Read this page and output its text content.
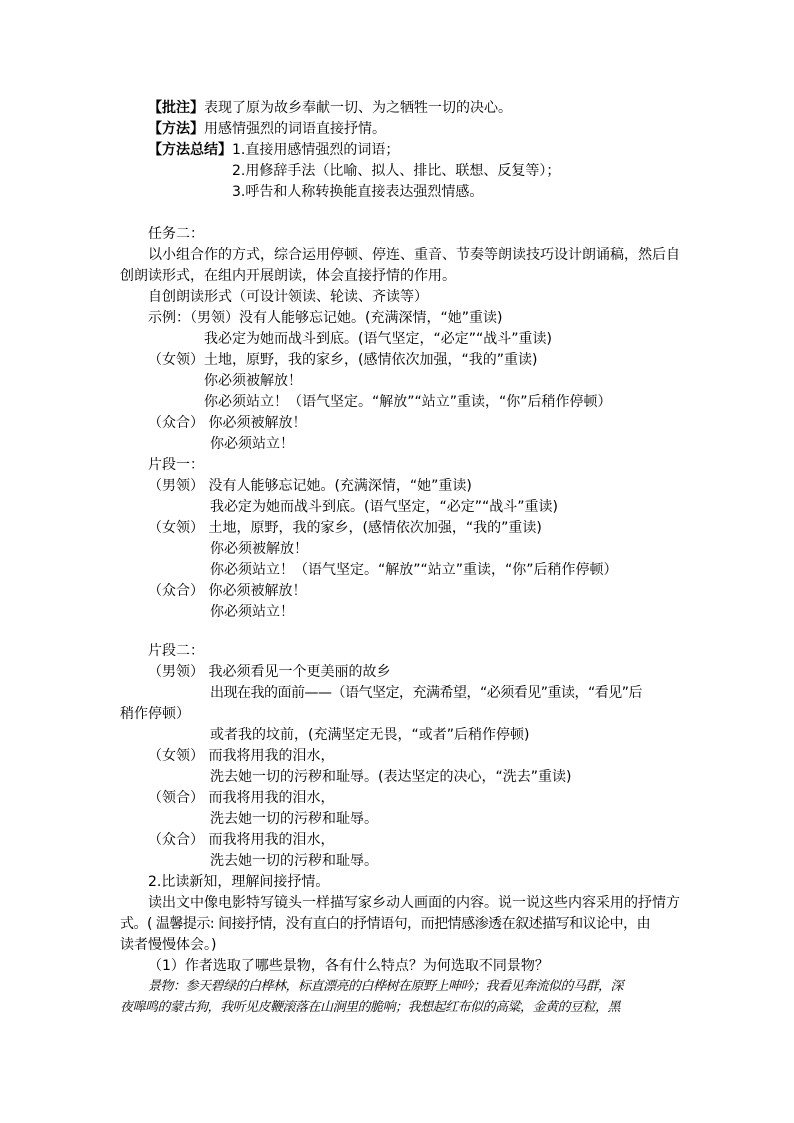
【批注】表现了原为故乡奉献一切、为之牺牲一切的决心。
【方法】用感情强烈的词语直接抒情。
【方法总结】1.直接用感情强烈的词语；
2.用修辞手法（比喻、拟人、排比、联想、反复等）；
3.呼告和人称转换能直接表达强烈情感。
任务二：
以小组合作的方式，综合运用停顿、停连、重音、节奏等朗读技巧设计朗诵稿，然后自
创朗读形式，在组内开展朗读，体会直接抒情的作用。
自创朗读形式（可设计领读、轮读、齐读等）
示例：（男领）没有人能够忘记她。(充满深情，“她”重读)
我必定为她而战斗到底。(语气坚定，“必定”“战斗”重读)
（女领）土地，原野，我的家乡，(感情依次加强，“我的”重读)
你必须被解放！
你必须站立！（语气坚定。“解放”“站立”重读，“你”后稍作停顿）
（众合） 你必须被解放！
你必须站立！
片段一：
（男领） 没有人能够忘记她。(充满深情，“她”重读)
我必定为她而战斗到底。(语气坚定，“必定”“战斗”重读)
（女领） 土地，原野，我的家乡，(感情依次加强，“我的”重读)
你必须被解放！
你必须站立！（语气坚定。“解放”“站立”重读，“你”后稍作停顿）
（众合） 你必须被解放！
你必须站立！
片段二：
（男领） 我必须看见一个更美丽的故乡
出现在我的面前——（语气坚定，充满希望，“必须看见”重读，“看见”后
稍作停顿）
或者我的坟前，(充满坚定无畏，“或者”后稍作停顿)
（女领） 而我将用我的泪水，
洗去她一切的污秽和耻辱。(表达坚定的决心，“洗去”重读)
（领合） 而我将用我的泪水，
洗去她一切的污秽和耻辱。
（众合） 而我将用我的泪水，
洗去她一切的污秽和耻辱。
2.比读新知，理解间接抒情。
读出文中像电影特写镜头一样描写家乡动人画面的内容。说一说这些内容采用的抒情方
式。( 温馨提示: 间接抒情，没有直白的抒情语句，而把情感渗透在叙述描写和议论中，由
读者慢慢体会。)
（1）作者选取了哪些景物，各有什么特点？为何选取不同景物？
景物：参天碧绿的白桦林，标直漂亮的白桦树在原野上呻吟；我看见奔流似的马群，深
夜嗥鸣的蒙古狗，我听见皮鞭滚落在山涧里的脆响；我想起红布似的高粱，金黄的豆粒，黑
